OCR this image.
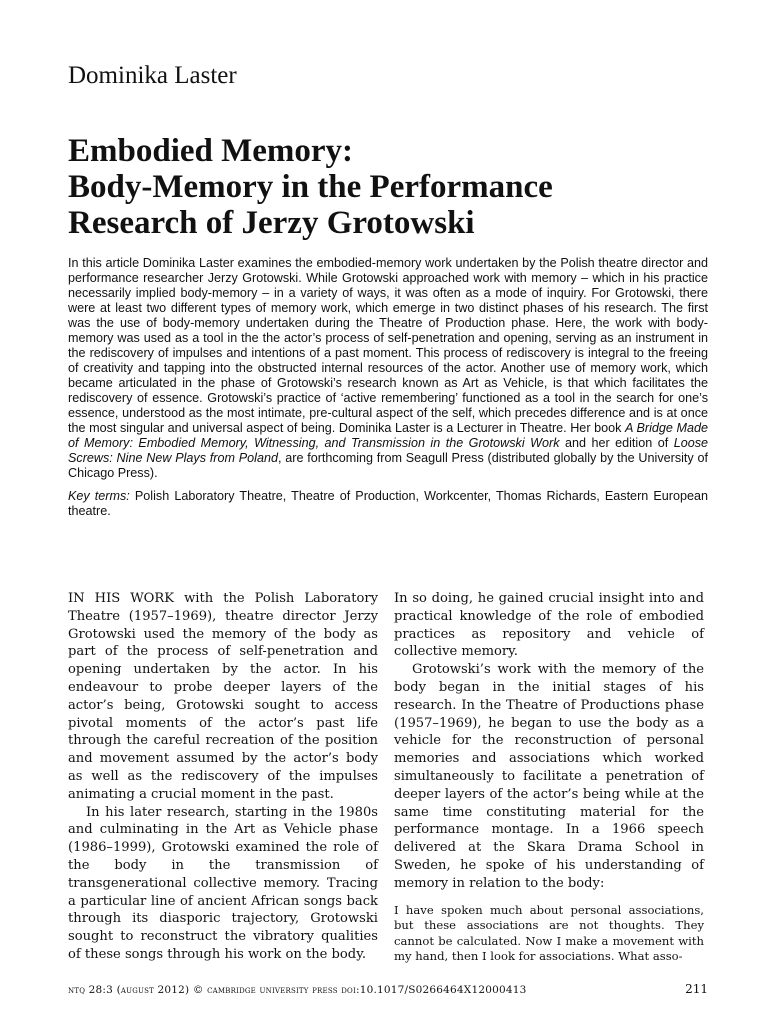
Dominika Laster
Embodied Memory:
Body-Memory in the Performance
Research of Jerzy Grotowski

In this article Dominika Laster examines the embodied-memory work undertaken by the Polish theatre director and performance researcher Jerzy Grotowski. While Grotowski approached work with memory – which in his practice necessarily implied body-memory – in a variety of ways, it was often as a mode of inquiry. For Grotowski, there were at least two different types of memory work, which emerge in two distinct phases of his research. The first was the use of body-memory undertaken during the Theatre of Production phase. Here, the work with body-memory was used as a tool in the the actor’s process of self-penetration and opening, serving as an instrument in the rediscovery of impulses and intentions of a past moment. This process of rediscovery is integral to the freeing of creativity and tapping into the obstructed internal resources of the actor. Another use of memory work, which became articulated in the phase of Grotowski’s research known as Art as Vehicle, is that which facilitates the rediscovery of essence. Grotowski’s practice of ‘active remembering’ functioned as a tool in the search for one’s essence, understood as the most intimate, pre-cultural aspect of the self, which precedes difference and is at once the most singular and universal aspect of being. Dominika Laster is a Lecturer in Theatre. Her book A Bridge Made of Memory: Embodied Memory, Witnessing, and Transmission in the Grotowski Work and her edition of Loose Screws: Nine New Plays from Poland, are forthcoming from Seagull Press (distributed globally by the University of Chicago Press).

Key terms: Polish Laboratory Theatre, Theatre of Production, Workcenter, Thomas Richards, Eastern European theatre.

IN HIS WORK with the Polish Laboratory Theatre (1957–1969), theatre director Jerzy Grotowski used the memory of the body as part of the process of self-penetration and opening undertaken by the actor. In his endeavour to probe deeper layers of the actor’s being, Grotowski sought to access pivotal moments of the actor’s past life through the careful recreation of the position and movement assumed by the actor’s body as well as the rediscovery of the impulses animating a crucial moment in the past.

In his later research, starting in the 1980s and culminating in the Art as Vehicle phase (1986–1999), Grotowski examined the role of the body in the transmission of transgenerational collective memory. Tracing a particular line of ancient African songs back through its diasporic trajectory, Grotowski sought to reconstruct the vibratory qualities of these songs through his work on the body.

In so doing, he gained crucial insight into and practical knowledge of the role of embodied practices as repository and vehicle of collective memory.

Grotowski’s work with the memory of the body began in the initial stages of his research. In the Theatre of Productions phase (1957–1969), he began to use the body as a vehicle for the reconstruction of personal memories and associations which worked simultaneously to facilitate a penetration of deeper layers of the actor’s being while at the same time constituting material for the performance montage. In a 1966 speech delivered at the Skara Drama School in Sweden, he spoke of his understanding of memory in relation to the body:

I have spoken much about personal associations, but these associations are not thoughts. They cannot be calculated. Now I make a movement with my hand, then I look for associations. What asso-

ntq 28:3 (august 2012) © cambridge university press doi:10.1017/S0266464X12000413	211
